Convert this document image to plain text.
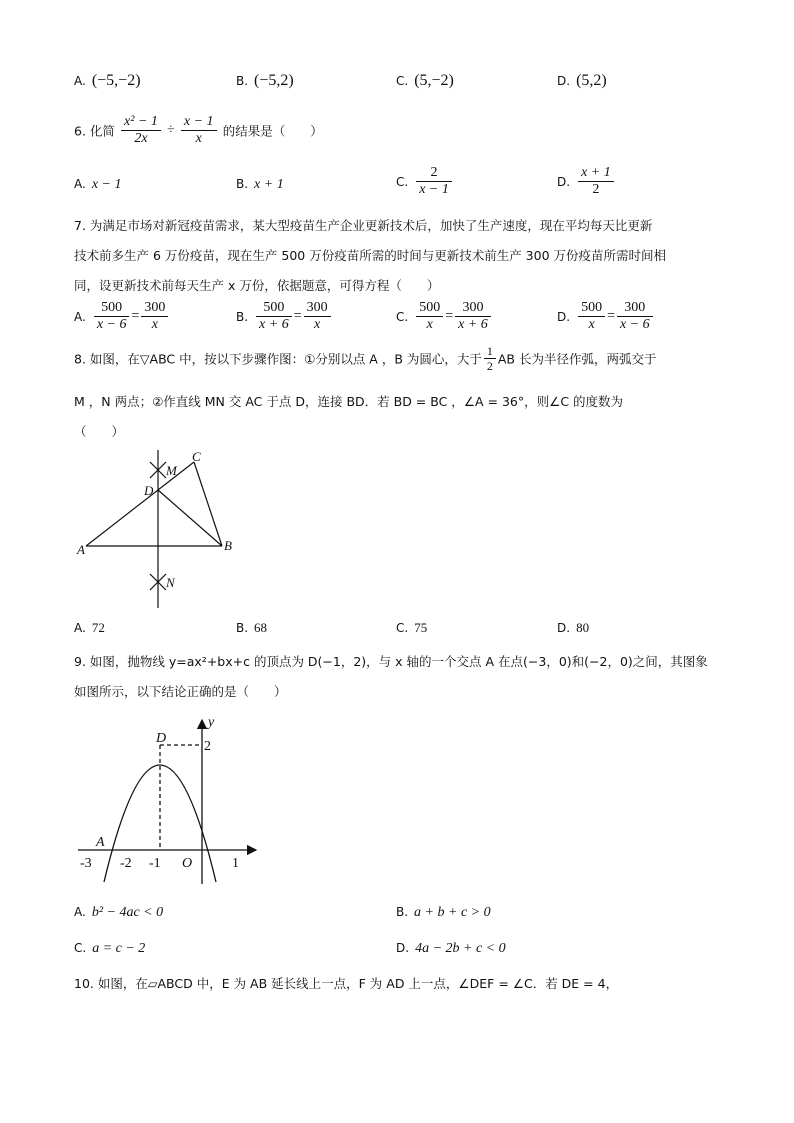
A. (−5,−2)	B. (−5,2)	C. (5,−2)	D. (5,2)
6. 化简 $\frac{\text{x² − 1}}{2x} \div \frac{x - 1}{x}$ 的结果是（　　）
A. x − 1	B. x + 1	C. $\frac{2}{x - 1}$	D. $\frac{x + 1}{2}$
7. 为满足市场对新冠疫苗需求，某大型疫苗生产企业更新技术后，加快了生产速度，现在平均每天比更新
技术前多生产 6 万份疫苗，现在生产 500 万份疫苗所需的时间与更新技术前生产 300 万份疫苗所需时间相
同，设更新技术前每天生产 x 万份，依据题意，可得方程（　　）
A. $\frac{500}{x - 6} = \frac{300}{x}$	B. $\frac{500}{x + 6} = \frac{300}{x}$	C. $\frac{500}{x} = \frac{300}{x + 6}$	D. $\frac{500}{x} = \frac{300}{x - 6}$
8. 如图，在▽ABC 中，按以下步骤作图：①分别以点 A ，B 为圆心，大于 $\frac{1}{2}$ AB 长为半径作弧，两弧交于
M ，N 两点；②作直线 MN 交 AC 于点 D，连接 BD．若 BD = BC ，∠A = 36°，则∠C 的度数为
（　　）
M
C
D
A	B
N
A. 72	B. 68	C. 75	D. 80
9. 如图，抛物线 y=ax²+bx+c 的顶点为 D(−1，2)，与 x 轴的一个交点 A 在点(−3，0)和(−2，0)之间，其图象
如图所示，以下结论正确的是（　　）
y
D
2
A
-3 -2 -1 O	1
A. b² − 4ac < 0	B. a + b + c > 0
C. a = c − 2	D. 4a − 2b + c < 0
10. 如图，在▱ABCD 中，E 为 AB 延长线上一点，F 为 AD 上一点，∠DEF = ∠C．若 DE = 4，
